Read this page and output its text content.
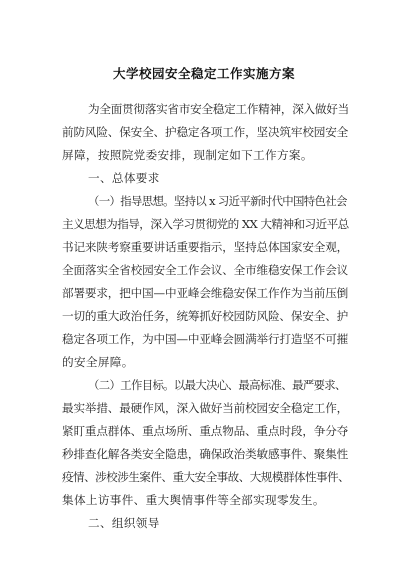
大学校园安全稳定工作实施方案
为全面贯彻落实省市安全稳定工作精神，深入做好当
前防风险、保安全、护稳定各项工作，坚决筑牢校园安全
屏障，按照院党委安排，现制定如下工作方案。
一、总体要求
（一）指导思想。坚持以 x 习近平新时代中国特色社会
主义思想为指导，深入学习贯彻党的 XX 大精神和习近平总
书记来陕考察重要讲话重要指示，坚持总体国家安全观，
全面落实全省校园安全工作会议、全市维稳安保工作会议
部署要求，把中国—中亚峰会维稳安保工作作为当前压倒
一切的重大政治任务，统筹抓好校园防风险、保安全、护
稳定各项工作，为中国—中亚峰会圆满举行打造坚不可摧
的安全屏障。
（二）工作目标。以最大决心、最高标准、最严要求、
最实举措、最硬作风，深入做好当前校园安全稳定工作，
紧盯重点群体、重点场所、重点物品、重点时段，争分夺
秒排查化解各类安全隐患，确保政治类敏感事件、聚集性
疫情、涉校涉生案件、重大安全事故、大规模群体性事件、
集体上访事件、重大舆情事件等全部实现零发生。
二、组织领导
